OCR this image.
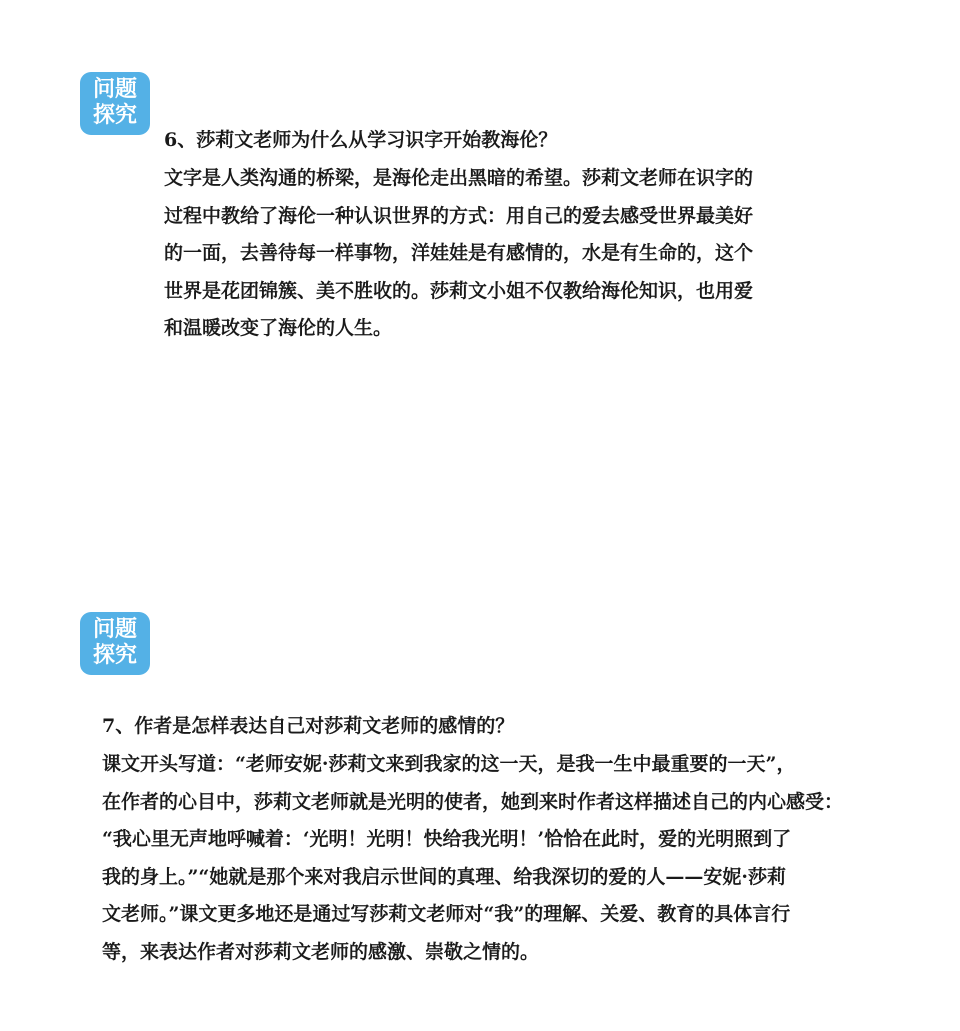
问题
探究
6、莎莉文老师为什么从学习识字开始教海伦？

文字是人类沟通的桥梁，是海伦走出黑暗的希望。莎莉文老师在识字的

过程中教给了海伦一种认识世界的方式：用自己的爱去感受世界最美好

的一面，去善待每一样事物，洋娃娃是有感情的，水是有生命的，这个

世界是花团锦簇、美不胜收的。莎莉文小姐不仅教给海伦知识，也用爱

和温暖改变了海伦的人生。

问题
探究
7、作者是怎样表达自己对莎莉文老师的感情的？

课文开头写道：“老师安妮·莎莉文来到我家的这一天，是我一生中最重要的一天”，

在作者的心目中，莎莉文老师就是光明的使者，她到来时作者这样描述自己的内心感受：

“我心里无声地呼喊着：‘光明！光明！快给我光明！’恰恰在此时，爱的光明照到了

我的身上。”“她就是那个来对我启示世间的真理、给我深切的爱的人——安妮·莎莉

文老师。”课文更多地还是通过写莎莉文老师对“我”的理解、关爱、教育的具体言行

等，来表达作者对莎莉文老师的感激、崇敬之情的。
